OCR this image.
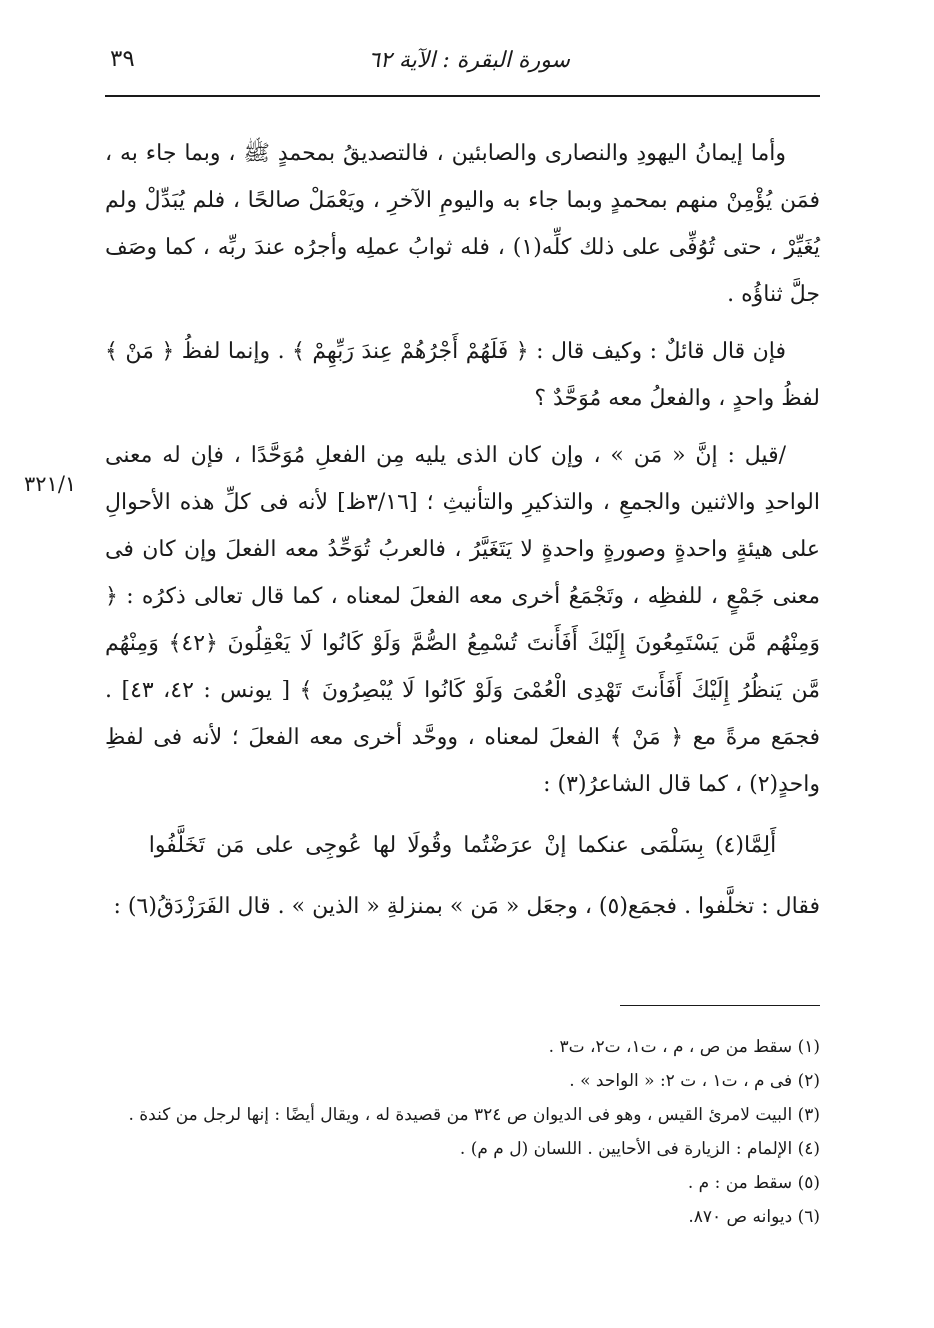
سورة البقرة : الآية ٦٢
٣٩
٣٢١/١

وأما إيمانُ اليهودِ والنصارى والصابئين ، فالتصديقُ بمحمدٍ ﷺ ، وبما جاء به ، فمَن يُؤْمِنْ منهم بمحمدٍ وبما جاء به واليومِ الآخرِ ، ويَعْمَلْ صالحًا ، فلم يُبَدِّلْ ولم يُغَيِّرْ ، حتى تُوُفِّى على ذلك كلِّه(١) ، فله ثوابُ عملِه وأجرُه عندَ ربِّه ، كما وصَف جلَّ ثناؤُه .

فإن قال قائلٌ : وكيف قال : ﴿ فَلَهُمْ أَجْرُهُمْ عِندَ رَبِّهِمْ ﴾ . وإنما لفظُ ﴿ مَنْ ﴾ لفظُ واحدٍ ، والفعلُ معه مُوَحَّدٌ ؟

/قيل : إنَّ « مَن » ، وإن كان الذى يليه مِن الفعلِ مُوَحَّدًا ، فإن له معنى الواحدِ والاثنين والجمعِ ، والتذكيرِ والتأنيثِ ؛ [٣/١٦ظ] لأنه فى كلِّ هذه الأحوالِ على هيئةٍ واحدةٍ وصورةٍ واحدةٍ لا يَتَغَيَّرُ ، فالعربُ تُوَحِّدُ معه الفعلَ وإن كان فى معنى جَمْعٍ ، للفظِه ، وتَجْمَعُ أخرى معه الفعلَ لمعناه ، كما قال تعالى ذكرُه : ﴿ وَمِنْهُم مَّن يَسْتَمِعُونَ إِلَيْكَ أَفَأَنتَ تُسْمِعُ الصُّمَّ وَلَوْ كَانُوا لَا يَعْقِلُونَ ﴿٤٢﴾ وَمِنْهُم مَّن يَنظُرُ إِلَيْكَ أَفَأَنتَ تَهْدِى الْعُمْىَ وَلَوْ كَانُوا لَا يُبْصِرُونَ ﴾ [ يونس : ٤٢، ٤٣] . فجمَع مرةً مع ﴿ مَنْ ﴾ الفعلَ لمعناه ، ووحَّد أخرى معه الفعلَ ؛ لأنه فى لفظِ واحدٍ(٢) ، كما قال الشاعرُ(٣) :

أَلِمَّا(٤) بِسَلْمَى عنكما إنْ عرَضْتُما وقُولَا لها عُوجِى على مَن تَخَلَّفُوا

فقال : تخلَّفوا . فجمَع(٥) ، وجعَل « مَن » بمنزلةِ « الذين » . قال الفَرَزْدَقُ(٦) :

(١) سقط من ص ، م ، ت١، ت٢، ت٣ .
(٢) فى م ، ت١ ، ت ٢: « الواحد » .
(٣) البيت لامرئ القيس ، وهو فى الديوان ص ٣٢٤ من قصيدة له ، ويقال أيضًا : إنها لرجل من كندة .
(٤) الإلمام : الزيارة فى الأحايين . اللسان (ل م م) .
(٥) سقط من : م .
(٦) ديوانه ص ٨٧٠.
